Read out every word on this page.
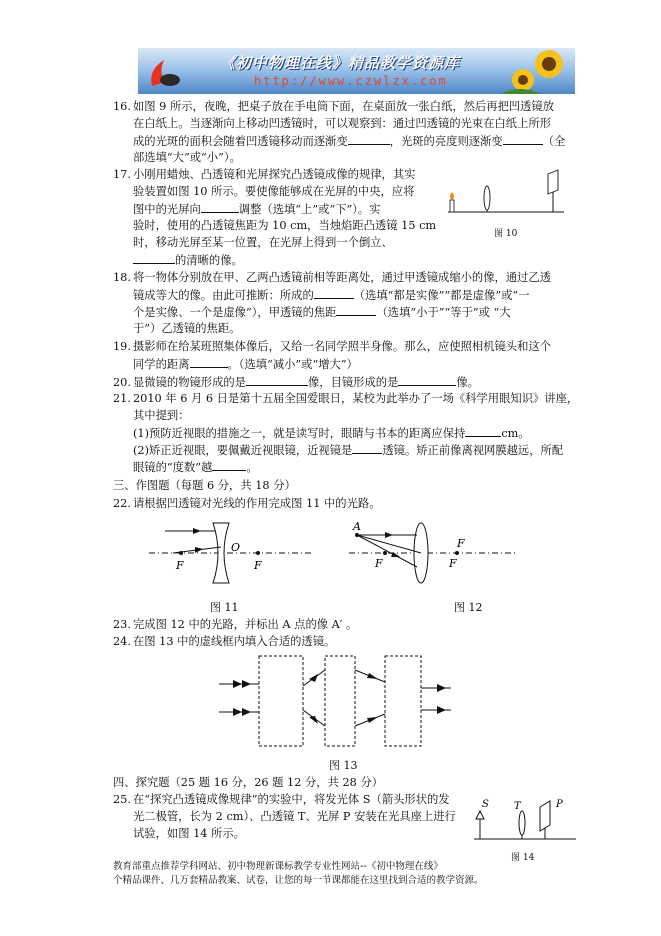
《初中物理在线》精品教学资源库
http://www.czwlzx.com
16. 如图 9 所示，夜晚，把桌子放在手电筒下面，在桌面放一张白纸，然后再把凹透镜放
在白纸上。当逐渐向上移动凹透镜时，可以观察到：通过凹透镜的光束在白纸上所形
成的光斑的面积会随着凹透镜移动而逐渐变	，光斑的亮度则逐渐变	（全
部选填“大”或“小”）。
17. 小刚用蜡烛、凸透镜和光屏探究凸透镜成像的规律，其实
验装置如图 10 所示。要使像能够成在光屏的中央，应将
图中的光屏向	调整（选填“上”或“下”）。实
验时，使用的凸透镜焦距为 10 cm，当烛焰距凸透镜 15 cm
时，移动光屏至某一位置，在光屏上得到一个倒立、
的清晰的像。
图 10
18. 将一物体分别放在甲、乙两凸透镜前相等距离处，通过甲透镜成缩小的像，通过乙透
镜成等大的像。由此可推断：所成的	（选填“都是实像”“都是虚像”或“一
个是实像、一个是虚像”），甲透镜的焦距	（选填“小于”“等于”或 “大
于”）乙透镜的焦距。
19. 摄影师在给某班照集体像后，又给一名同学照半身像。那么，应使照相机镜头和这个
同学的距离	。（选填“减小”或“增大”）
20. 显微镜的物镜形成的是	像，目镜形成的是	像。
21. 2010 年 6 月 6 日是第十五届全国爱眼日，某校为此举办了一场《科学用眼知识》讲座，
其中提到：
(1)预防近视眼的措施之一，就是读写时，眼睛与书本的距离应保持	cm。
(2)矫正近视眼，要佩戴近视眼镜，近视镜是	透镜。矫正前像离视网膜越远，所配
眼镜的“度数”越	。
三、作图题（每题 6 分，共 18 分）
22. 请根据凹透镜对光线的作用完成图 11 中的光路。
O
F	F
图 11
A
F	F
F
图 12
23. 完成图 12 中的光路，并标出 A 点的像 A′ 。
24. 在图 13 中的虚线框内填入合适的透镜。
图 13
四、探究题（25 题 16 分，26 题 12 分，共 28 分）
25. 在“探究凸透镜成像规律”的实验中，将发光体 S（箭头形状的发
光二极管，长为 2 cm）、凸透镜 T、光屏 P 安装在光具座上进行
试验，如图 14 所示。
S	T	P
图 14
教育部重点推荐学科网站、初中物理新课标教学专业性网站--《初中物理在线》
个精品课件、几万套精品教案、试卷，让您的每一节课都能在这里找到合适的教学资源。
